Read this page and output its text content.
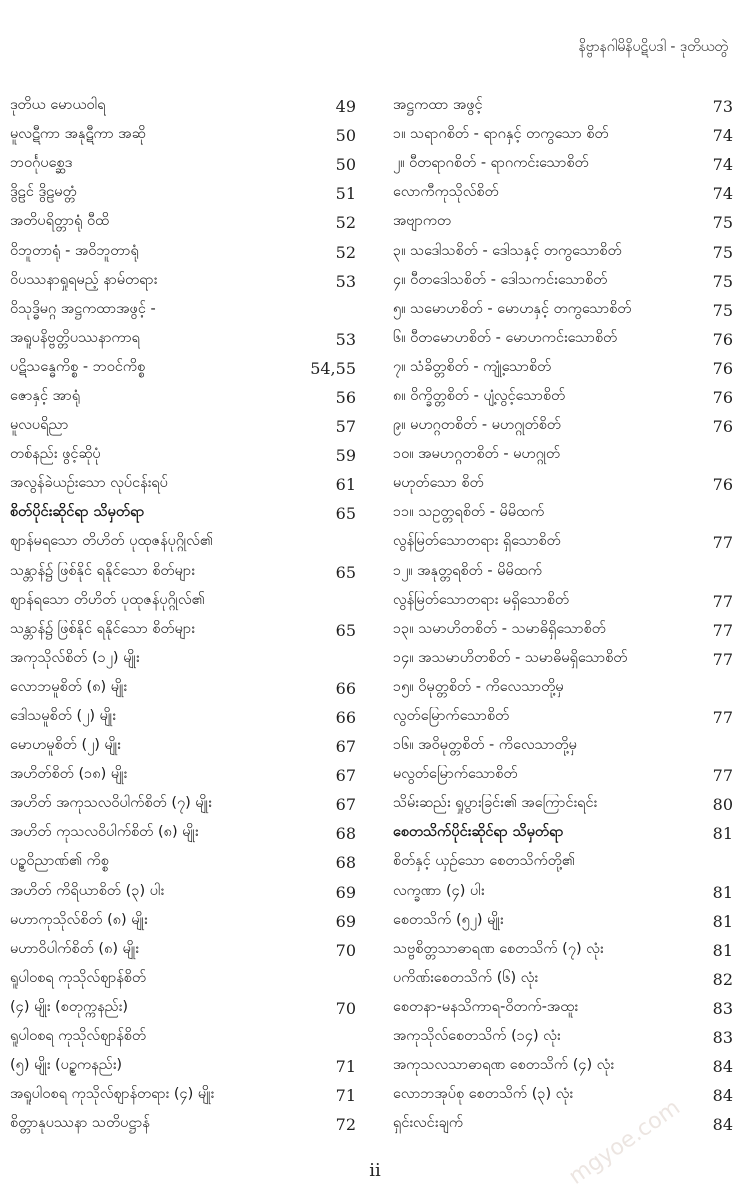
နိဗ္ဗာနဂါမိနိပဋိပဒါ - ဒုတိယတွဲ
ဒုတိယ မောယဝါရ	49
မူလဋီကာ အနုဋီကာ အဆို	50
ဘဝင်္ဂုပစ္ဆေဒ	50
ဒွိဠင် ဒွိဠမတ္တံ	51
အတိပရိတ္တာရုံ ဝီထိ	52
ဝိဘူတာရုံ - အဝိဘူတာရုံ	52
ဝိပဿနာရှုရမည့် နာမ်တရား	53
ဝိသုဒ္ဓိမဂ္ဂ အဋ္ဌကထာအဖွင့် -
အရူပနိဗ္ဗတ္တိပဿနာကာရ	53
ပဋိသန္ဓေကိစ္စ - ဘဝင်ကိစ္စ	54,55
ဇောနှင့် အာရုံ	56
မူလပရိညာ	57
တစ်နည်း ဖွင့်ဆိုပုံ	59
အလွန်ခဲယဉ်းသော လုပ်ငန်းရပ်	61
စိတ်ပိုင်းဆိုင်ရာ သိမှတ်ရာ	65
ဈာန်မရသော တိဟိတ် ပုထုဇန်ပုဂ္ဂိုလ်၏
သန္တာန်၌ ဖြစ်နိုင် ရနိုင်သော စိတ်များ	65
ဈာန်ရသော တိဟိတ် ပုထုဇန်ပုဂ္ဂိုလ်၏
သန္တာန်၌ ဖြစ်နိုင် ရနိုင်သော စိတ်များ	65
အကုသိုလ်စိတ် (၁၂) မျိုး
လောဘမူစိတ် (၈) မျိုး	66
ဒေါသမူစိတ် (၂) မျိုး	66
မောဟမူစိတ် (၂) မျိုး	67
အဟိတ်စိတ် (၁၈) မျိုး	67
အဟိတ် အကုသလဝိပါက်စိတ် (၇) မျိုး	67
အဟိတ် ကုသလဝိပါက်စိတ် (၈) မျိုး	68
ပဉ္စဝိညာဏ်၏ ကိစ္စ	68
အဟိတ် ကိရိယာစိတ် (၃) ပါး	69
မဟာကုသိုလ်စိတ် (၈) မျိုး	69
မဟာဝိပါက်စိတ် (၈) မျိုး	70
ရူပါဝစရ ကုသိုလ်ဈာန်စိတ်
(၄) မျိုး (စတုက္ကနည်း)	70
ရူပါဝစရ ကုသိုလ်ဈာန်စိတ်
(၅) မျိုး (ပဉ္စကနည်း)	71
အရူပါဝစရ ကုသိုလ်ဈာန်တရား (၄) မျိုး	71
စိတ္တာနုပဿနာ သတိပဋ္ဌာန်	72
အဋ္ဌကထာ အဖွင့်	73
၁။ သရာဂစိတ် - ရာဂနှင့် တကွသော စိတ်	74
၂။ ဝီတရာဂစိတ် - ရာဂကင်းသောစိတ်	74
လောကီကုသိုလ်စိတ်	74
အဗျာကတ	75
၃။ သဒေါသစိတ် - ဒေါသနှင့် တကွသောစိတ်	75
၄။ ဝီတဒေါသစိတ် - ဒေါသကင်းသောစိတ်	75
၅။ သမောဟစိတ် - မောဟနှင့် တကွသောစိတ်	75
၆။ ဝီတမောဟစိတ် - မောဟကင်းသောစိတ်	76
၇။ သံခိတ္တစိတ် - ကျုံ့သောစိတ်	76
၈။ ဝိက္ခိတ္တစိတ် - ပျံ့လွင့်သောစိတ်	76
၉။ မဟဂ္ဂတစိတ် - မဟဂ္ဂုတ်စိတ်	76
၁၀။ အမဟဂ္ဂတစိတ် - မဟဂ္ဂုတ်
မဟုတ်သော စိတ်	76
၁၁။ သဥတ္တရစိတ် - မိမိထက်
လွန်မြတ်သောတရား ရှိသောစိတ်	77
၁၂။ အနုတ္တရစိတ် - မိမိထက်
လွန်မြတ်သောတရား မရှိသောစိတ်	77
၁၃။ သမာဟိတစိတ် - သမာဓိရှိသောစိတ်	77
၁၄။ အသမာဟိတစိတ် - သမာဓိမရှိသောစိတ်	77
၁၅။ ဝိမုတ္တစိတ် - ကိလေသာတို့မှ
လွတ်မြောက်သောစိတ်	77
၁၆။ အဝိမုတ္တစိတ် - ကိလေသာတို့မှ
မလွတ်မြောက်သောစိတ်	77
သိမ်းဆည်း ရှုပွားခြင်း၏ အကြောင်းရင်း	80
စေတသိက်ပိုင်းဆိုင်ရာ သိမှတ်ရာ	81
စိတ်နှင့် ယှဉ်သော စေတသိက်တို့၏
လက္ခဏာ (၄) ပါး	81
စေတသိက် (၅၂) မျိုး	81
သဗ္ဗစိတ္တသာဓာရဏ စေတသိက် (၇) လုံး	81
ပကိဏ်းစေတသိက် (၆) လုံး	82
စေတနာ-မနသိကာရ-ဝိတက်-အထူး	83
အကုသိုလ်စေတသိက် (၁၄) လုံး	83
အကုသလသာဓာရဏ စေတသိက် (၄) လုံး	84
လောဘအုပ်စု စေတသိက် (၃) လုံး	84
ရှင်းလင်းချက်	84
ii	mgyoe.com
